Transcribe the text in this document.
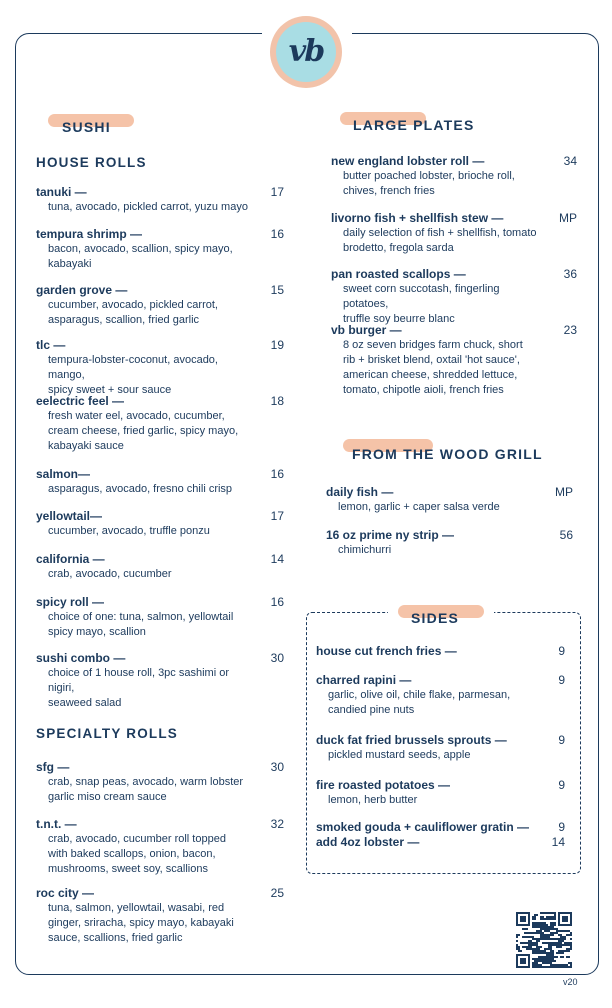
vb
SUSHI
HOUSE ROLLS
SPECIALTY ROLLS
LARGE PLATES
FROM THE WOOD GRILL
SIDES
tanuki —
tuna, avocado, pickled carrot, yuzu mayo
17
tempura shrimp —
bacon, avocado, scallion, spicy mayo,
kabayaki
16
garden grove —
cucumber, avocado, pickled carrot,
asparagus, scallion, fried garlic
15
tlc —
tempura-lobster-coconut, avocado, mango,
spicy sweet + sour sauce
19
eelectric feel —
fresh water eel, avocado, cucumber,
cream cheese, fried garlic, spicy mayo,
kabayaki sauce
18
salmon—
asparagus, avocado, fresno chili crisp
16
yellowtail—
cucumber, avocado, truffle ponzu
17
california —
crab, avocado, cucumber
14
spicy roll —
choice of one: tuna, salmon, yellowtail
spicy mayo, scallion
16
sushi combo —
choice of 1 house roll, 3pc sashimi or nigiri,
seaweed salad
30
sfg —
crab, snap peas, avocado, warm lobster
garlic miso cream sauce
30
t.n.t. —
crab, avocado, cucumber roll topped
with baked scallops, onion, bacon,
mushrooms, sweet soy, scallions
32
roc city —
tuna, salmon, yellowtail, wasabi, red
ginger, sriracha, spicy mayo, kabayaki
sauce, scallions, fried garlic
25
new england lobster roll —
butter poached lobster, brioche roll,
chives, french fries
34
livorno fish + shellfish stew —
daily selection of fish + shellfish, tomato
brodetto, fregola sarda
MP
pan roasted scallops —
sweet corn succotash, fingerling potatoes,
truffle soy beurre blanc
36
vb burger —
8 oz seven bridges farm chuck, short
rib + brisket blend, oxtail 'hot sauce',
american cheese, shredded lettuce,
tomato, chipotle aioli, french fries
23
daily fish —
lemon, garlic + caper salsa verde
MP
16 oz prime ny strip —
chimichurri
56
house cut french fries —	9
charred rapini —
garlic, olive oil, chile flake, parmesan,
candied pine nuts
9
duck fat fried brussels sprouts —
pickled mustard seeds, apple
9
fire roasted potatoes —
lemon, herb butter
9
smoked gouda + cauliflower gratin —	9
add 4oz lobster —	14
v20
